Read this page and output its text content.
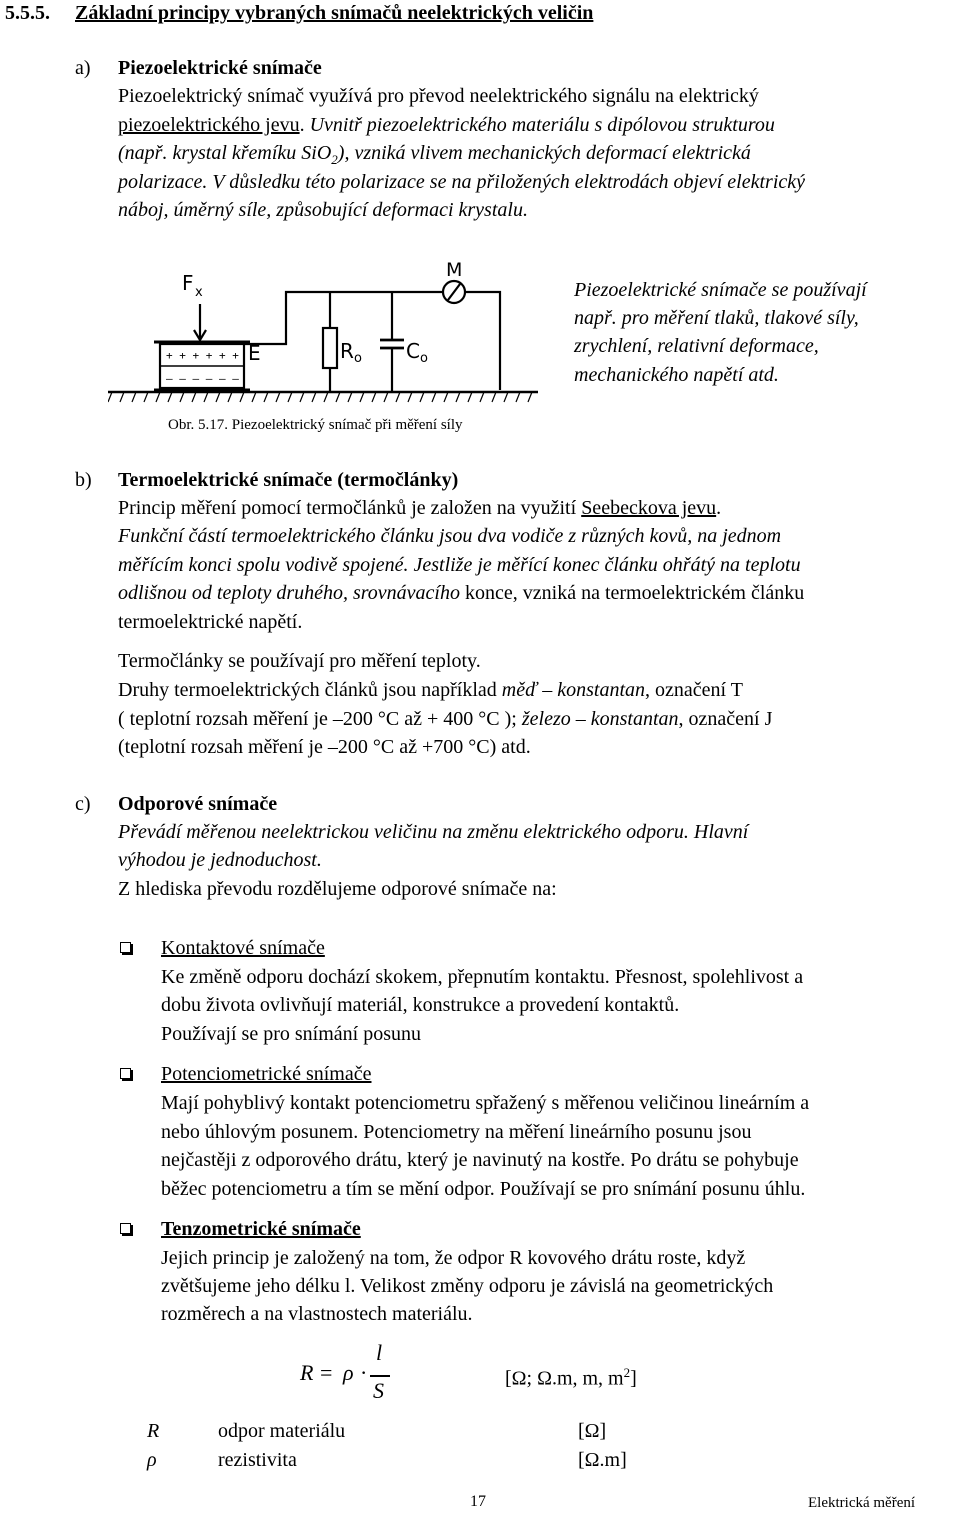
5.5.5. Základní principy vybraných snímačů neelektrických veličin
a) Piezoelektrické snímače
Piezoelektrický snímač využívá pro převod neelektrického signálu na elektrický
piezoelektrického jevu. Uvnitř piezoelektrického materiálu s dipólovou strukturou
(např. krystal křemíku SiO$_2$), vzniká vlivem mechanických deformací elektrická
polarizace. V důsledku této polarizace se na přiložených elektrodách objeví elektrický
náboj, úměrný síle, způsobující deformaci krystalu.
+ + + + + +
– – – – – –
F x
E
M
R o C o
Obr. 5.17. Piezoelektrický snímač při měření síly
Piezoelektrické snímače se používají
např. pro měření tlaků, tlakové síly,
zrychlení, relativní deformace,
mechanického napětí atd.
b) Termoelektrické snímače (termočlánky)
Princip měření pomocí termočlánků je založen na využití Seebeckova jevu.
Funkční částí termoelektrického článku jsou dva vodiče z různých kovů, na jednom
měřícím konci spolu vodivě spojené. Jestliže je měřící konec článku ohřátý na teplotu
odlišnou od teploty druhého, srovnávacího konce, vzniká na termoelektrickém článku
termoelektrické napětí.
Termočlánky se používají pro měření teploty.
Druhy termoelektrických článků jsou například měď – konstantan, označení T
( teplotní rozsah měření je –200 °C až + 400 °C ); železo – konstantan, označení J
(teplotní rozsah měření je –200 °C až +700 °C) atd.
c) Odporové snímače
Převádí měřenou neelektrickou veličinu na změnu elektrického odporu. Hlavní
výhodou je jednoduchost.
Z hlediska převodu rozdělujeme odporové snímače na:
Kontaktové snímače
Ke změně odporu dochází skokem, přepnutím kontaktu. Přesnost, spolehlivost a
dobu života ovlivňují materiál, konstrukce a provedení kontaktů.
Používají se pro snímání posunu
Potenciometrické snímače
Mají pohyblivý kontakt potenciometru spřažený s měřenou veličinou lineárním a
nebo úhlovým posunem. Potenciometry na měření lineárního posunu jsou
nejčastěji z odporového drátu, který je navinutý na kostře. Po drátu se pohybuje
běžec potenciometru a tím se mění odpor. Používají se pro snímání posunu úhlu.
Tenzometrické snímače
Jejich princip je založený na tom, že odpor R kovového drátu roste, když
zvětšujeme jeho délku l. Velikost změny odporu je závislá na geometrických
rozměrech a na vlastnostech materiálu.
R = ρ ·
l
S	[Ω; Ω.m, m, $m^2$]
R	odpor materiálu	[Ω]
ρ	rezistivita	[Ω.m]
17	Elektrická měření
